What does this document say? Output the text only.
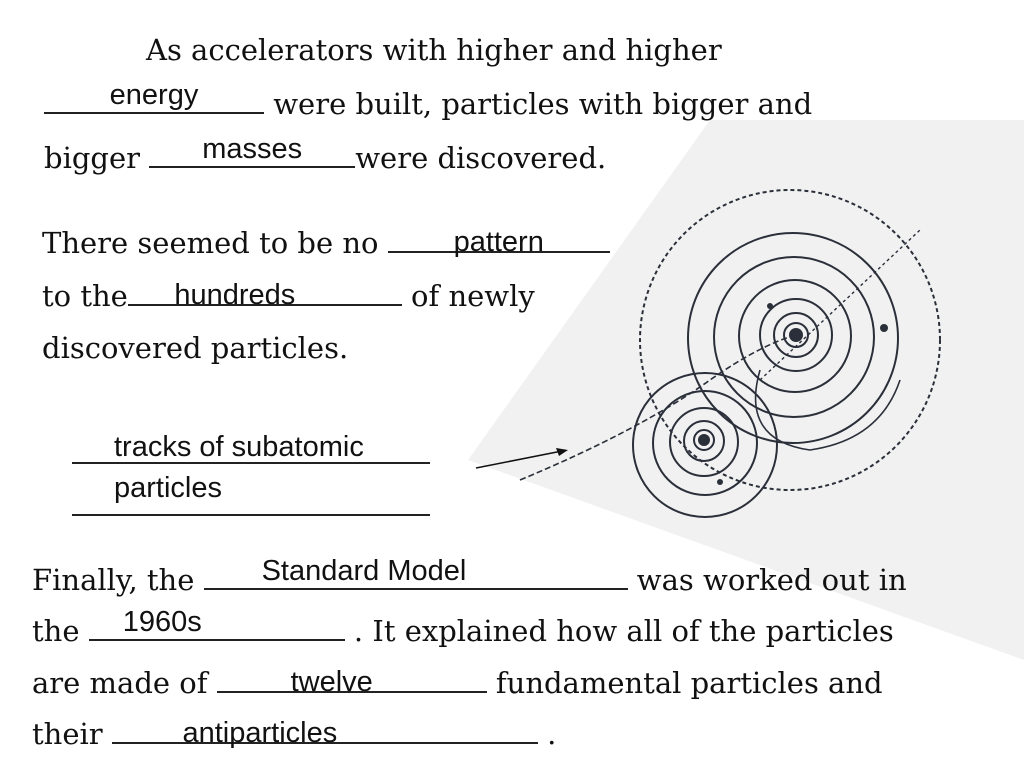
As accelerators with higher and higher
energy	were built, particles with bigger and
bigger	masses	were discovered.
There seemed to be no	pattern
to the	hundreds	of newly
discovered particles.
tracks of subatomic
particles
Finally, the Standard Model	was worked out in
the 1960s	. It explained how all of the particles
are made of	twelve	fundamental particles and
their	antiparticles	.
